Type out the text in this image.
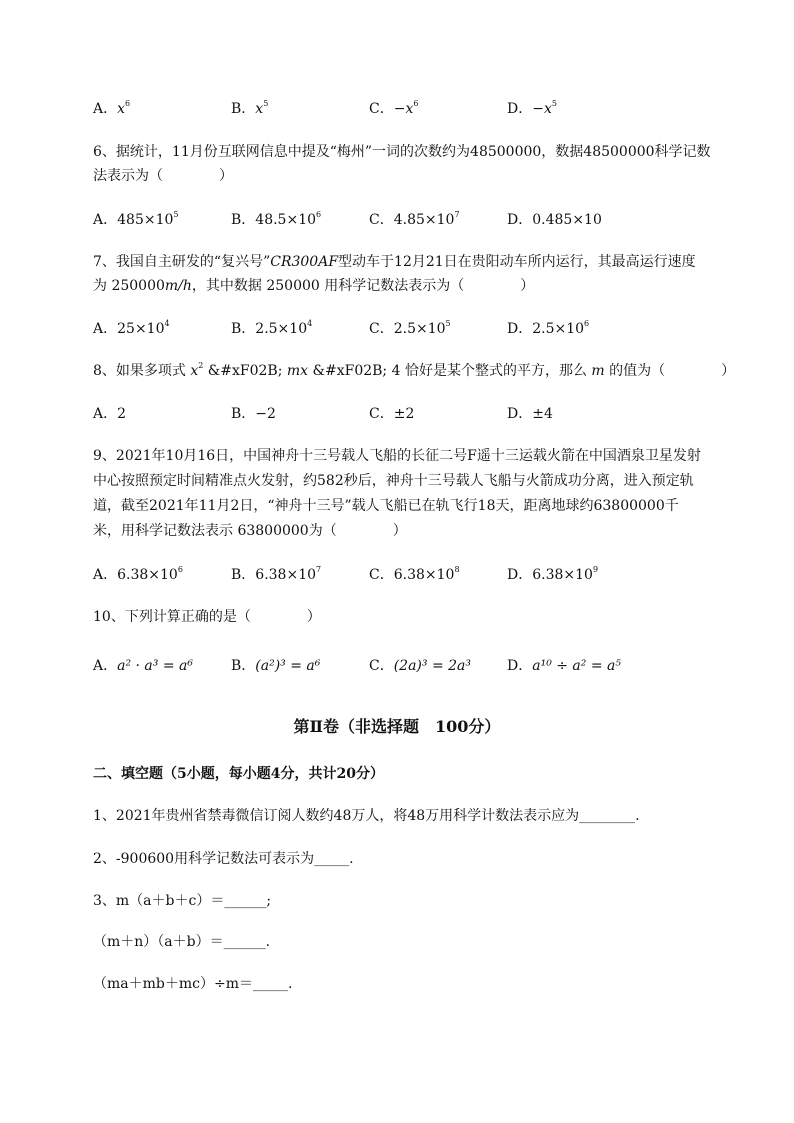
A．$x^6$	B．$x^5$	C．$-x^6$	D．$-x^5$
6、据统计，11月份互联网信息中提及“梅州”一词的次数约为48500000，数据48500000科学记数
法表示为（　　　　）
A．$485\times 10^5$	B．$48.5\times 10^6$	C．$4.85\times 10^7$	D．0.485×10
7、我国自主研发的“复兴号”CR300AF型动车于12月21日在贵阳动车所内运行，其最高运行速度
为 250000m/h，其中数据 250000 用科学记数法表示为（　　　　）
A．$25\times 10^4$	B．$2.5\times 10^4$	C．$2.5\times 10^5$	D．$2.5\times 10^6$
8、如果多项式 $x^2$ &#xF02B; mx &#xF02B; 4 恰好是某个整式的平方，那么 m 的值为（　　　　）
A．2	B．−2	C．±2	D．±4
9、2021年10月16日，中国神舟十三号载人飞船的长征二号F遥十三运载火箭在中国酒泉卫星发射
中心按照预定时间精准点火发射，约582秒后，神舟十三号载人飞船与火箭成功分离，进入预定轨
道，截至2021年11月2日，“神舟十三号”载人飞船已在轨飞行18天，距离地球约63800000千
米，用科学记数法表示 63800000为（　　　　）
A．$6.38\times 10^6$	B．$6.38\times 10^7$	C．$6.38\times 10^8$	D．$6.38\times 10^9$
10、下列计算正确的是（　　　　）
A．a² · a³ = a⁶	B．(a²)³ = a⁶	C．(2a)³ = 2a³	D．a¹⁰ ÷ a² = a⁵
第Ⅱ卷（非选择题　100分）
二、填空题（5小题，每小题4分，共计20分）
1、2021年贵州省禁毒微信订阅人数约48万人，将48万用科学计数法表示应为________.
2、-900600用科学记数法可表示为_____.
3、m（a＋b＋c）＝______;
（m＋n）（a＋b）＝______.
（ma＋mb＋mc）÷m＝_____.
